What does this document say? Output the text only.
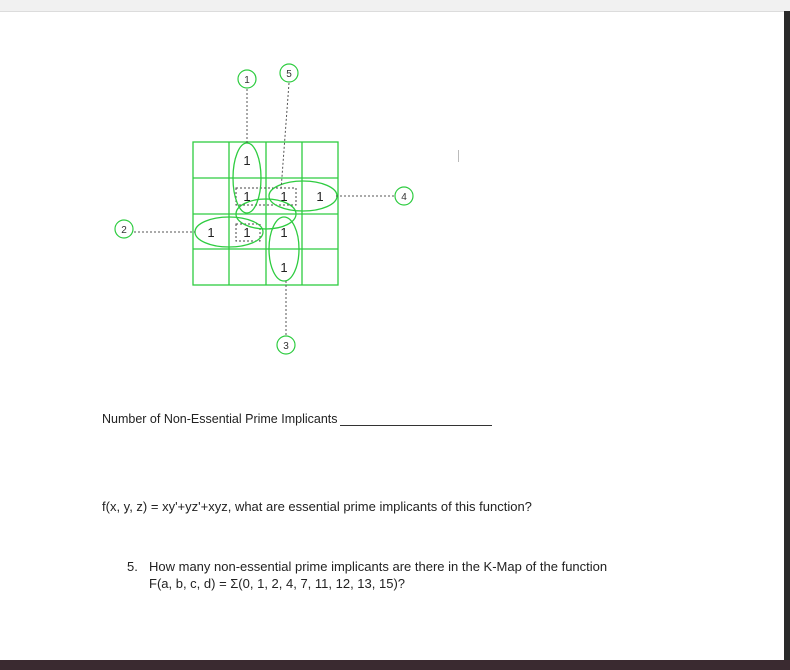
1
1 1 1
1 1 1
1
1
5
2
4
3
Number of Non-Essential Prime Implicants
f(x, y, z) = xy'+yz'+xyz, what are essential prime implicants of this function?
5. How many non-essential prime implicants are there in the K-Map of the function
F(a, b, c, d) = Σ(0, 1, 2, 4, 7, 11, 12, 13, 15)?
